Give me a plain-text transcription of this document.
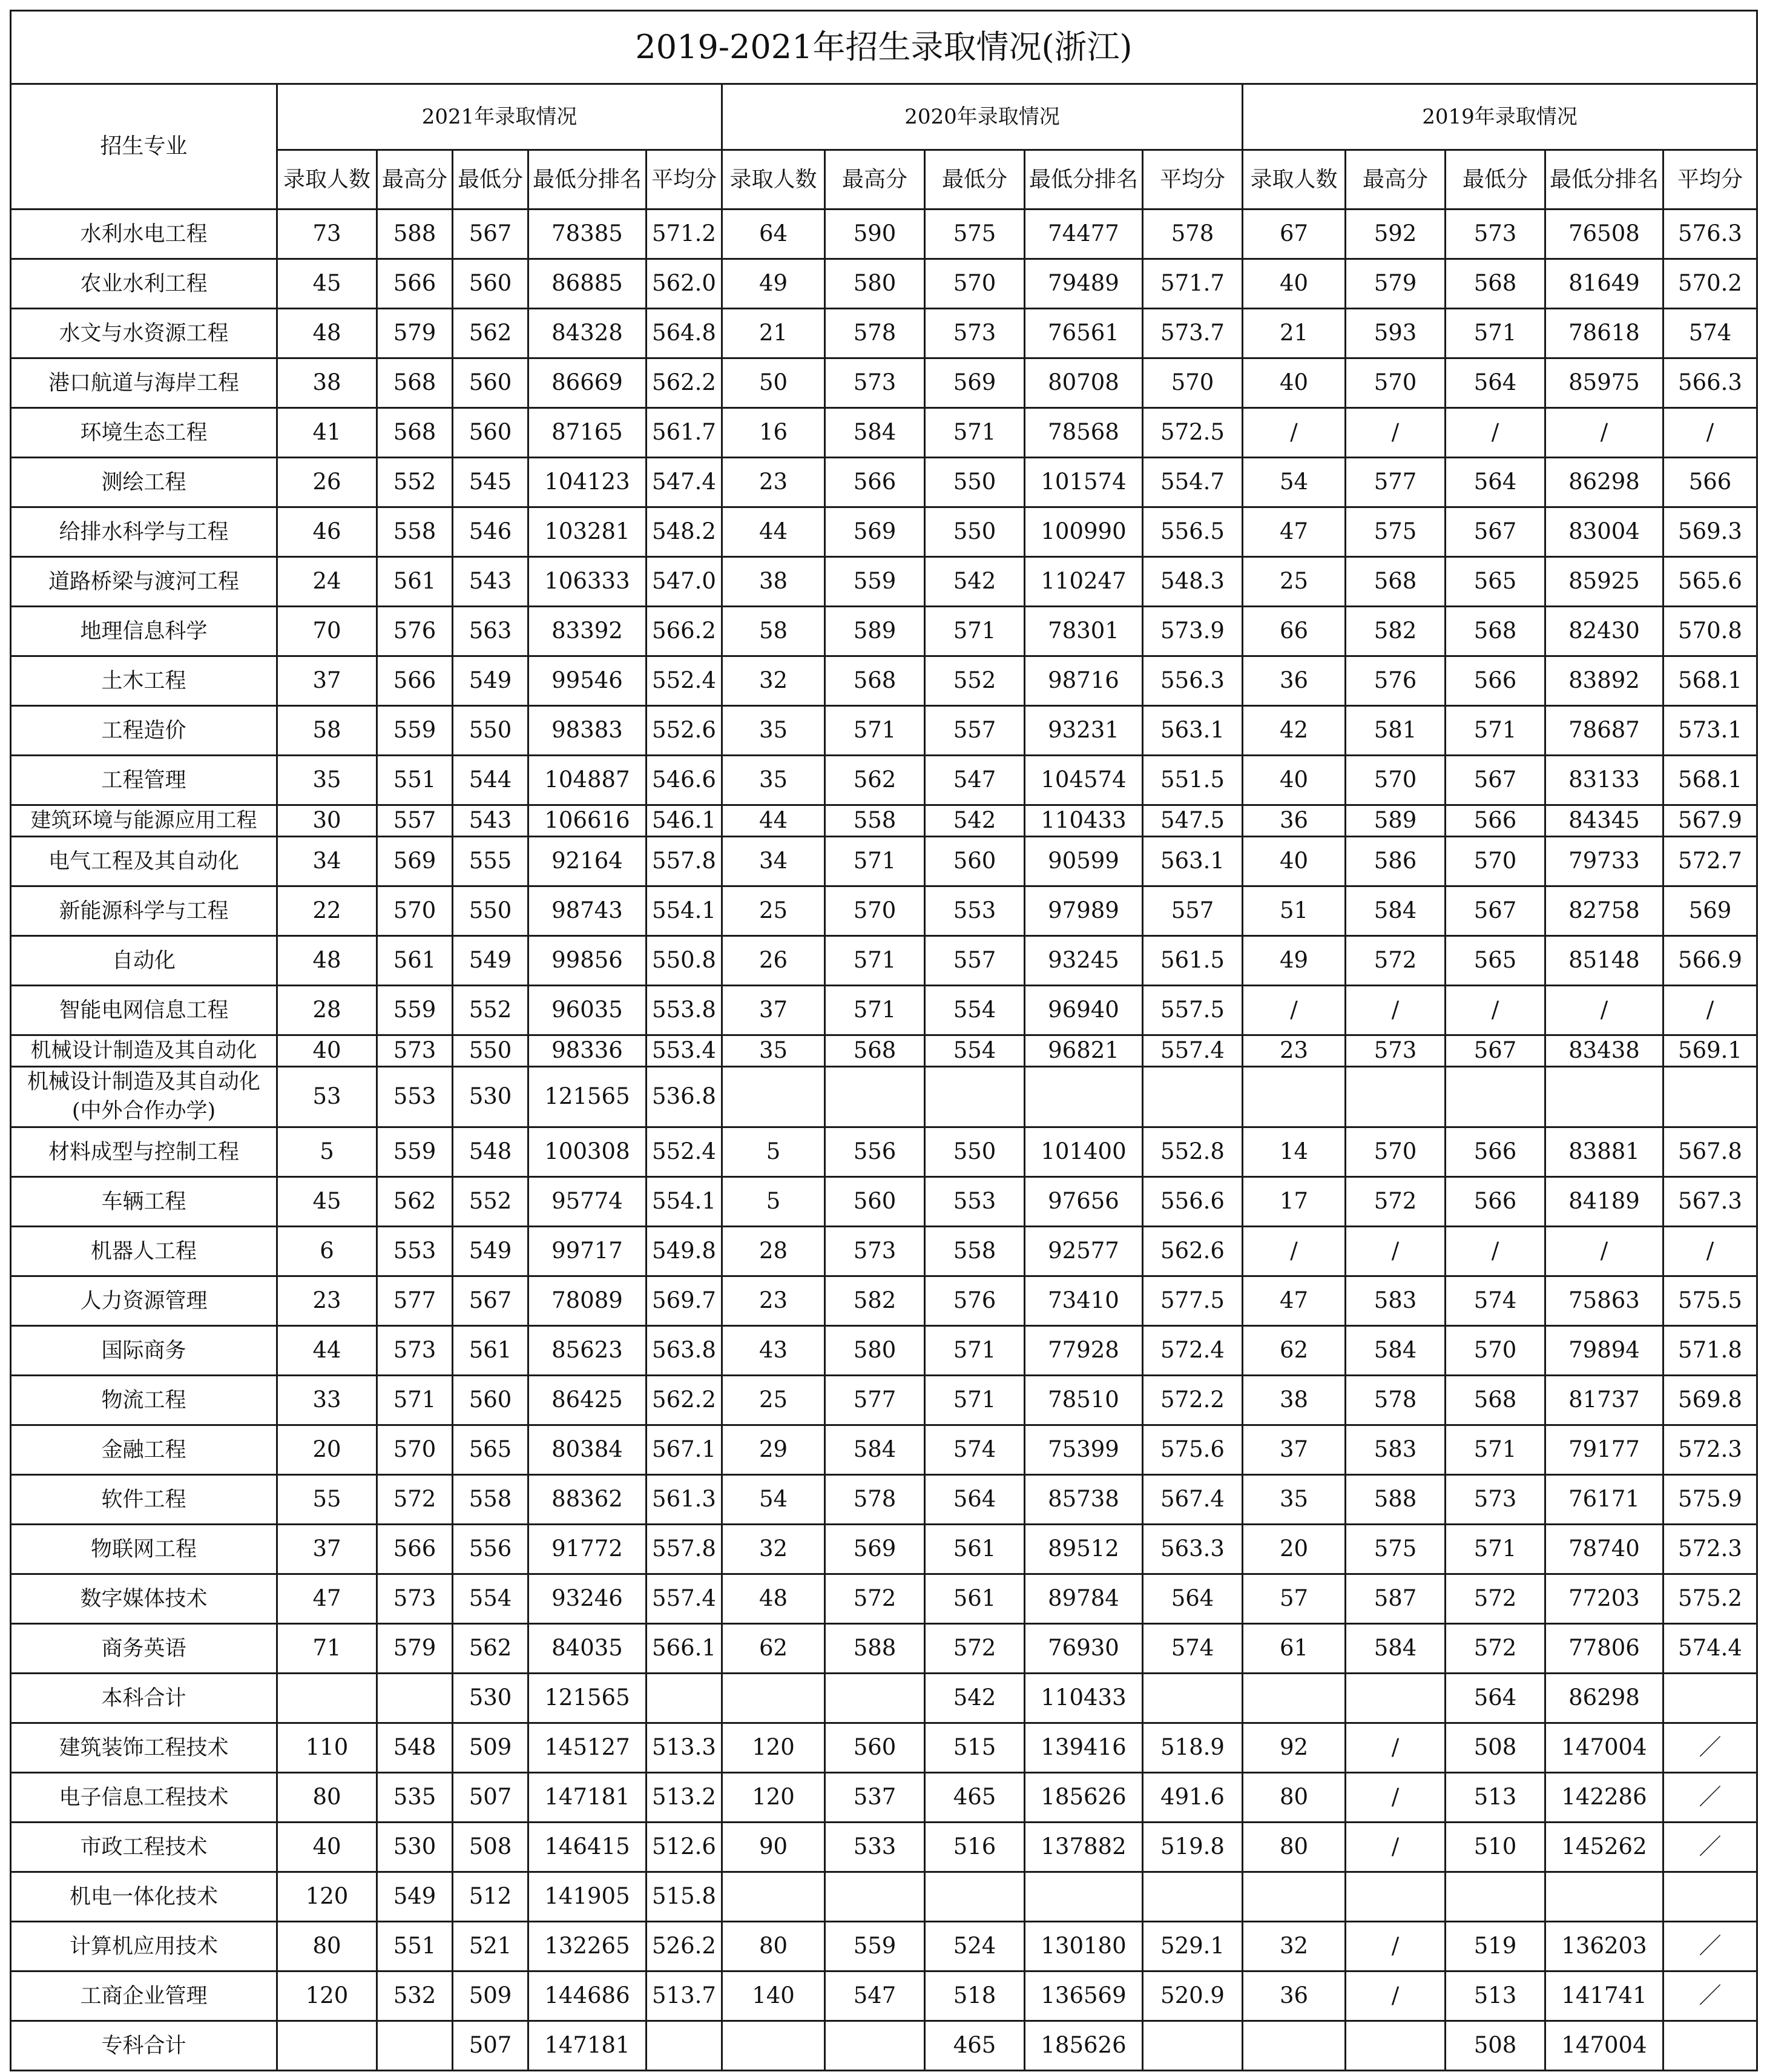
2019-2021年招生录取情况(浙江)															
招生专业	2021年录取情况					2020年录取情况					2019年录取情况				
	录取人数	最高分	最低分	最低分排名	平均分	录取人数	最高分	最低分	最低分排名	平均分	录取人数	最高分	最低分	最低分排名	平均分
水利水电工程	73	588	567	78385	571.2	64	590	575	74477	578	67	592	573	76508	576.3
农业水利工程	45	566	560	86885	562.0	49	580	570	79489	571.7	40	579	568	81649	570.2
水文与水资源工程	48	579	562	84328	564.8	21	578	573	76561	573.7	21	593	571	78618	574
港口航道与海岸工程	38	568	560	86669	562.2	50	573	569	80708	570	40	570	564	85975	566.3
环境生态工程	41	568	560	87165	561.7	16	584	571	78568	572.5	/	/	/	/	/
测绘工程	26	552	545	104123	547.4	23	566	550	101574	554.7	54	577	564	86298	566
给排水科学与工程	46	558	546	103281	548.2	44	569	550	100990	556.5	47	575	567	83004	569.3
道路桥梁与渡河工程	24	561	543	106333	547.0	38	559	542	110247	548.3	25	568	565	85925	565.6
地理信息科学	70	576	563	83392	566.2	58	589	571	78301	573.9	66	582	568	82430	570.8
土木工程	37	566	549	99546	552.4	32	568	552	98716	556.3	36	576	566	83892	568.1
工程造价	58	559	550	98383	552.6	35	571	557	93231	563.1	42	581	571	78687	573.1
工程管理	35	551	544	104887	546.6	35	562	547	104574	551.5	40	570	567	83133	568.1
建筑环境与能源应用工程	30	557	543	106616	546.1	44	558	542	110433	547.5	36	589	566	84345	567.9
电气工程及其自动化	34	569	555	92164	557.8	34	571	560	90599	563.1	40	586	570	79733	572.7
新能源科学与工程	22	570	550	98743	554.1	25	570	553	97989	557	51	584	567	82758	569
自动化	48	561	549	99856	550.8	26	571	557	93245	561.5	49	572	565	85148	566.9
智能电网信息工程	28	559	552	96035	553.8	37	571	554	96940	557.5	/	/	/	/	/
机械设计制造及其自动化	40	573	550	98336	553.4	35	568	554	96821	557.4	23	573	567	83438	569.1
机械设计制造及其自动化
(中外合作办学)	53	553	530	121565	536.8										
材料成型与控制工程	5	559	548	100308	552.4	5	556	550	101400	552.8	14	570	566	83881	567.8
车辆工程	45	562	552	95774	554.1	5	560	553	97656	556.6	17	572	566	84189	567.3
机器人工程	6	553	549	99717	549.8	28	573	558	92577	562.6	/	/	/	/	/
人力资源管理	23	577	567	78089	569.7	23	582	576	73410	577.5	47	583	574	75863	575.5
国际商务	44	573	561	85623	563.8	43	580	571	77928	572.4	62	584	570	79894	571.8
物流工程	33	571	560	86425	562.2	25	577	571	78510	572.2	38	578	568	81737	569.8
金融工程	20	570	565	80384	567.1	29	584	574	75399	575.6	37	583	571	79177	572.3
软件工程	55	572	558	88362	561.3	54	578	564	85738	567.4	35	588	573	76171	575.9
物联网工程	37	566	556	91772	557.8	32	569	561	89512	563.3	20	575	571	78740	572.3
数字媒体技术	47	573	554	93246	557.4	48	572	561	89784	564	57	587	572	77203	575.2
商务英语	71	579	562	84035	566.1	62	588	572	76930	574	61	584	572	77806	574.4
本科合计			530	121565				542	110433				564	86298	
建筑装饰工程技术	110	548	509	145127	513.3	120	560	515	139416	518.9	92	/	508	147004	／
电子信息工程技术	80	535	507	147181	513.2	120	537	465	185626	491.6	80	/	513	142286	／
市政工程技术	40	530	508	146415	512.6	90	533	516	137882	519.8	80	/	510	145262	／
机电一体化技术	120	549	512	141905	515.8										
计算机应用技术	80	551	521	132265	526.2	80	559	524	130180	529.1	32	/	519	136203	／
工商企业管理	120	532	509	144686	513.7	140	547	518	136569	520.9	36	/	513	141741	／
专科合计			507	147181				465	185626				508	147004	
